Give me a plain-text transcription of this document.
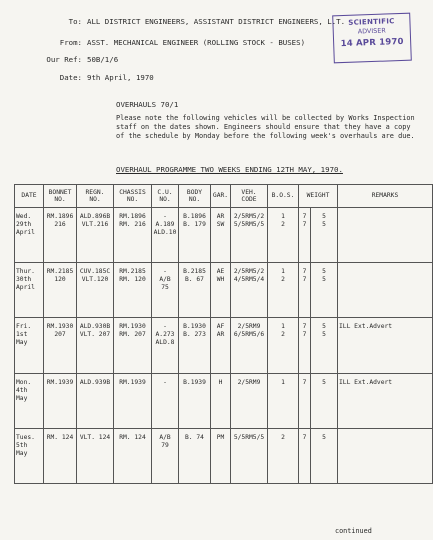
To: ALL DISTRICT ENGINEERS, ASSISTANT DISTRICT ENGINEERS, L.T.
From: ASST. MECHANICAL ENGINEER (ROLLING STOCK - BUSES)
Our Ref: 50B/1/6
Date: 9th April, 1970
SCIENTIFIC
ADVISER
14 APR 1970
OVERHAULS 70/1
Please note the following vehicles will be collected by Works Inspection staff on the dates shown. Engineers should ensure that they have a copy of the schedule by Monday before the following week's overhauls are due.
OVERHAUL PROGRAMME TWO WEEKS ENDING 12TH MAY, 1970.
DATE	BONNET NO.	REGN. NO.	CHASSIS NO.	C.U. NO.	BODY NO.	GAR.	VEH. CODE	B.O.S.	WEIGHT		REMARKS

Wed.
29th
April	RM.1896
216	ALD.896B
VLT.216	RM.1896
RM. 216	-
A.189
ALD.10	B.1896
B. 179	AR
SW	2/5RM5/2
5/5RM5/5	1
2	7
7	5
5	

Thur.
30th
April	RM.2185
120	CUV.185C
VLT.120	RM.2185
RM. 120	-
A/B
75	B.2185
B. 67	AE
WH	2/5RM5/2
4/5RM5/4	1
2	7
7	5
5	

Fri.
1st
May	RM.1930
207	ALD.930B
VLT. 207	RM.1930
RM. 207	-
A.273
ALD.8	B.1930
B. 273	AF
AR	2/5RM9
6/5RM5/6	1
2	7
7	5
5	ILL Ext.Advert

Mon.
4th
May	RM.1939	ALD.939B	RM.1939	-	B.1939	H	2/5RM9	1	7	5	ILL Ext.Advert

Tues.
5th
May	RM. 124	VLT. 124	RM. 124	A/B
79	B. 74	PM	5/5RM5/5	2	7	5	

continued
